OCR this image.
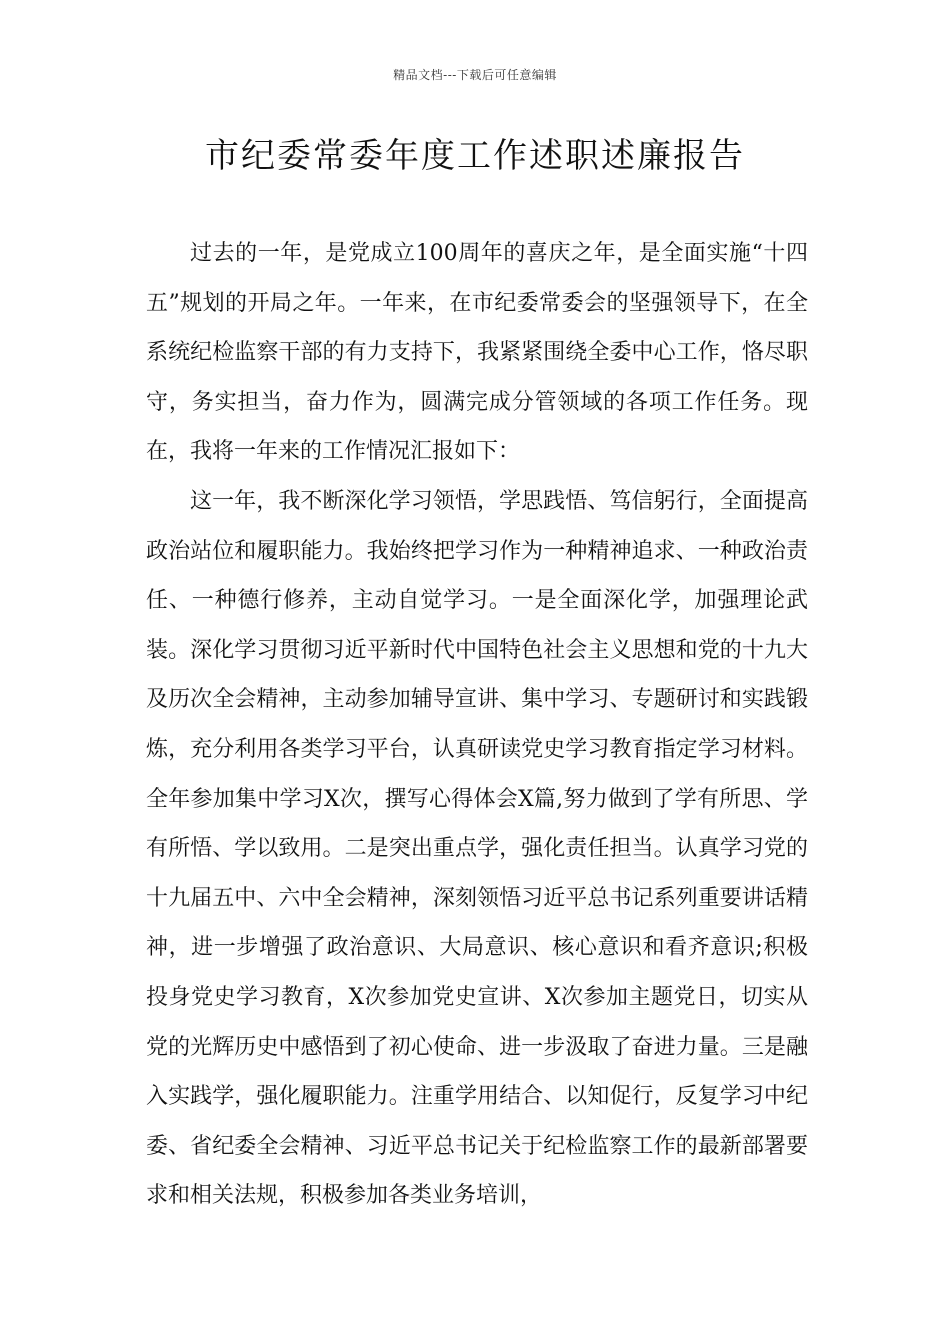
精品文档---下载后可任意编辑
市纪委常委年度工作述职述廉报告

过去的一年，是党成立100周年的喜庆之年，是全面实施“十四五”规划的开局之年。一年来，在市纪委常委会的坚强领导下，在全系统纪检监察干部的有力支持下，我紧紧围绕全委中心工作，恪尽职守，务实担当，奋力作为，圆满完成分管领域的各项工作任务。现在，我将一年来的工作情况汇报如下：

这一年，我不断深化学习领悟，学思践悟、笃信躬行，全面提高政治站位和履职能力。我始终把学习作为一种精神追求、一种政治责任、一种德行修养，主动自觉学习。一是全面深化学，加强理论武装。深化学习贯彻习近平新时代中国特色社会主义思想和党的十九大及历次全会精神，主动参加辅导宣讲、集中学习、专题研讨和实践锻炼，充分利用各类学习平台，认真研读党史学习教育指定学习材料。全年参加集中学习X次，撰写心得体会X篇,努力做到了学有所思、学有所悟、学以致用。二是突出重点学，强化责任担当。认真学习党的十九届五中、六中全会精神，深刻领悟习近平总书记系列重要讲话精神，进一步增强了政治意识、大局意识、核心意识和看齐意识;积极投身党史学习教育，X次参加党史宣讲、X次参加主题党日，切实从党的光辉历史中感悟到了初心使命、进一步汲取了奋进力量。三是融入实践学，强化履职能力。注重学用结合、以知促行，反复学习中纪委、省纪委全会精神、习近平总书记关于纪检监察工作的最新部署要求和相关法规，积极参加各类业务培训，
